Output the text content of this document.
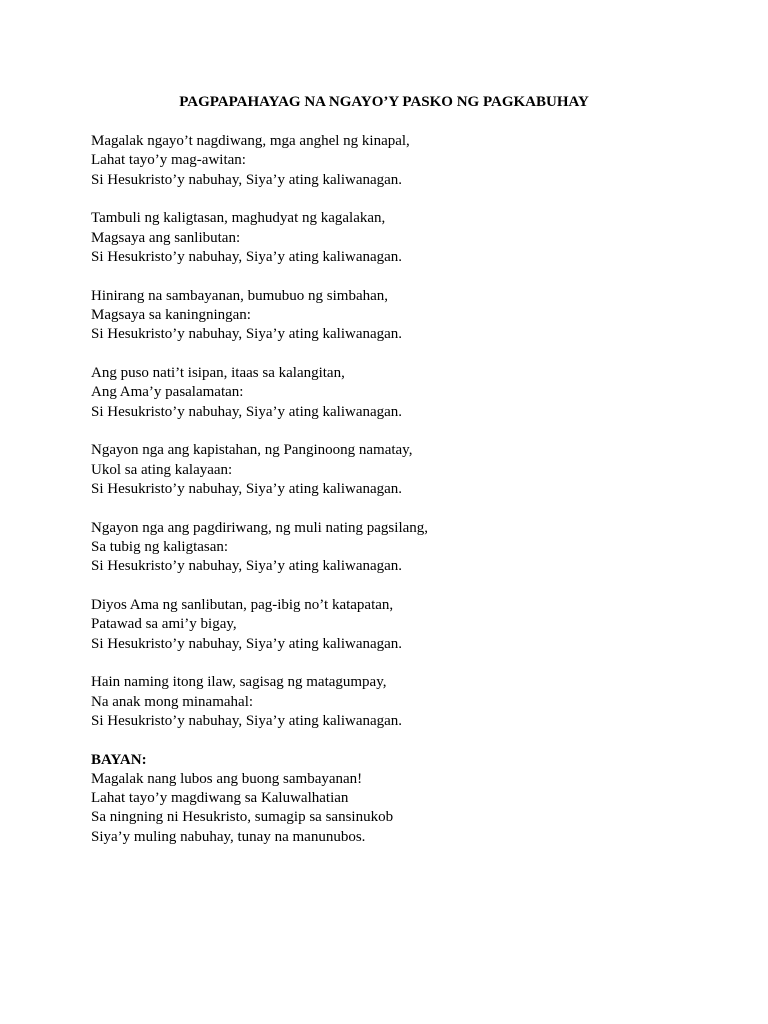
PAGPAPAHAYAG NA NGAYO’Y PASKO NG PAGKABUHAY
Magalak ngayo’t nagdiwang, mga anghel ng kinapal,
Lahat tayo’y mag-awitan:
Si Hesukristo’y nabuhay, Siya’y ating kaliwanagan.
Tambuli ng kaligtasan, maghudyat ng kagalakan,
Magsaya ang sanlibutan:
Si Hesukristo’y nabuhay, Siya’y ating kaliwanagan.
Hinirang na sambayanan, bumubuo ng simbahan,
Magsaya sa kaningningan:
Si Hesukristo’y nabuhay, Siya’y ating kaliwanagan.
Ang puso nati’t isipan, itaas sa kalangitan,
Ang Ama’y pasalamatan:
Si Hesukristo’y nabuhay, Siya’y ating kaliwanagan.
Ngayon nga ang kapistahan, ng Panginoong namatay,
Ukol sa ating kalayaan:
Si Hesukristo’y nabuhay, Siya’y ating kaliwanagan.
Ngayon nga ang pagdiriwang, ng muli nating pagsilang,
Sa tubig ng kaligtasan:
Si Hesukristo’y nabuhay, Siya’y ating kaliwanagan.
Diyos Ama ng sanlibutan, pag-ibig no’t katapatan,
Patawad sa ami’y bigay,
Si Hesukristo’y nabuhay, Siya’y ating kaliwanagan.
Hain naming itong ilaw, sagisag ng matagumpay,
Na anak mong minamahal:
Si Hesukristo’y nabuhay, Siya’y ating kaliwanagan.
BAYAN:
Magalak nang lubos ang buong sambayanan!
Lahat tayo’y magdiwang sa Kaluwalhatian
Sa ningning ni Hesukristo, sumagip sa sansinukob
Siya’y muling nabuhay, tunay na manunubos.
